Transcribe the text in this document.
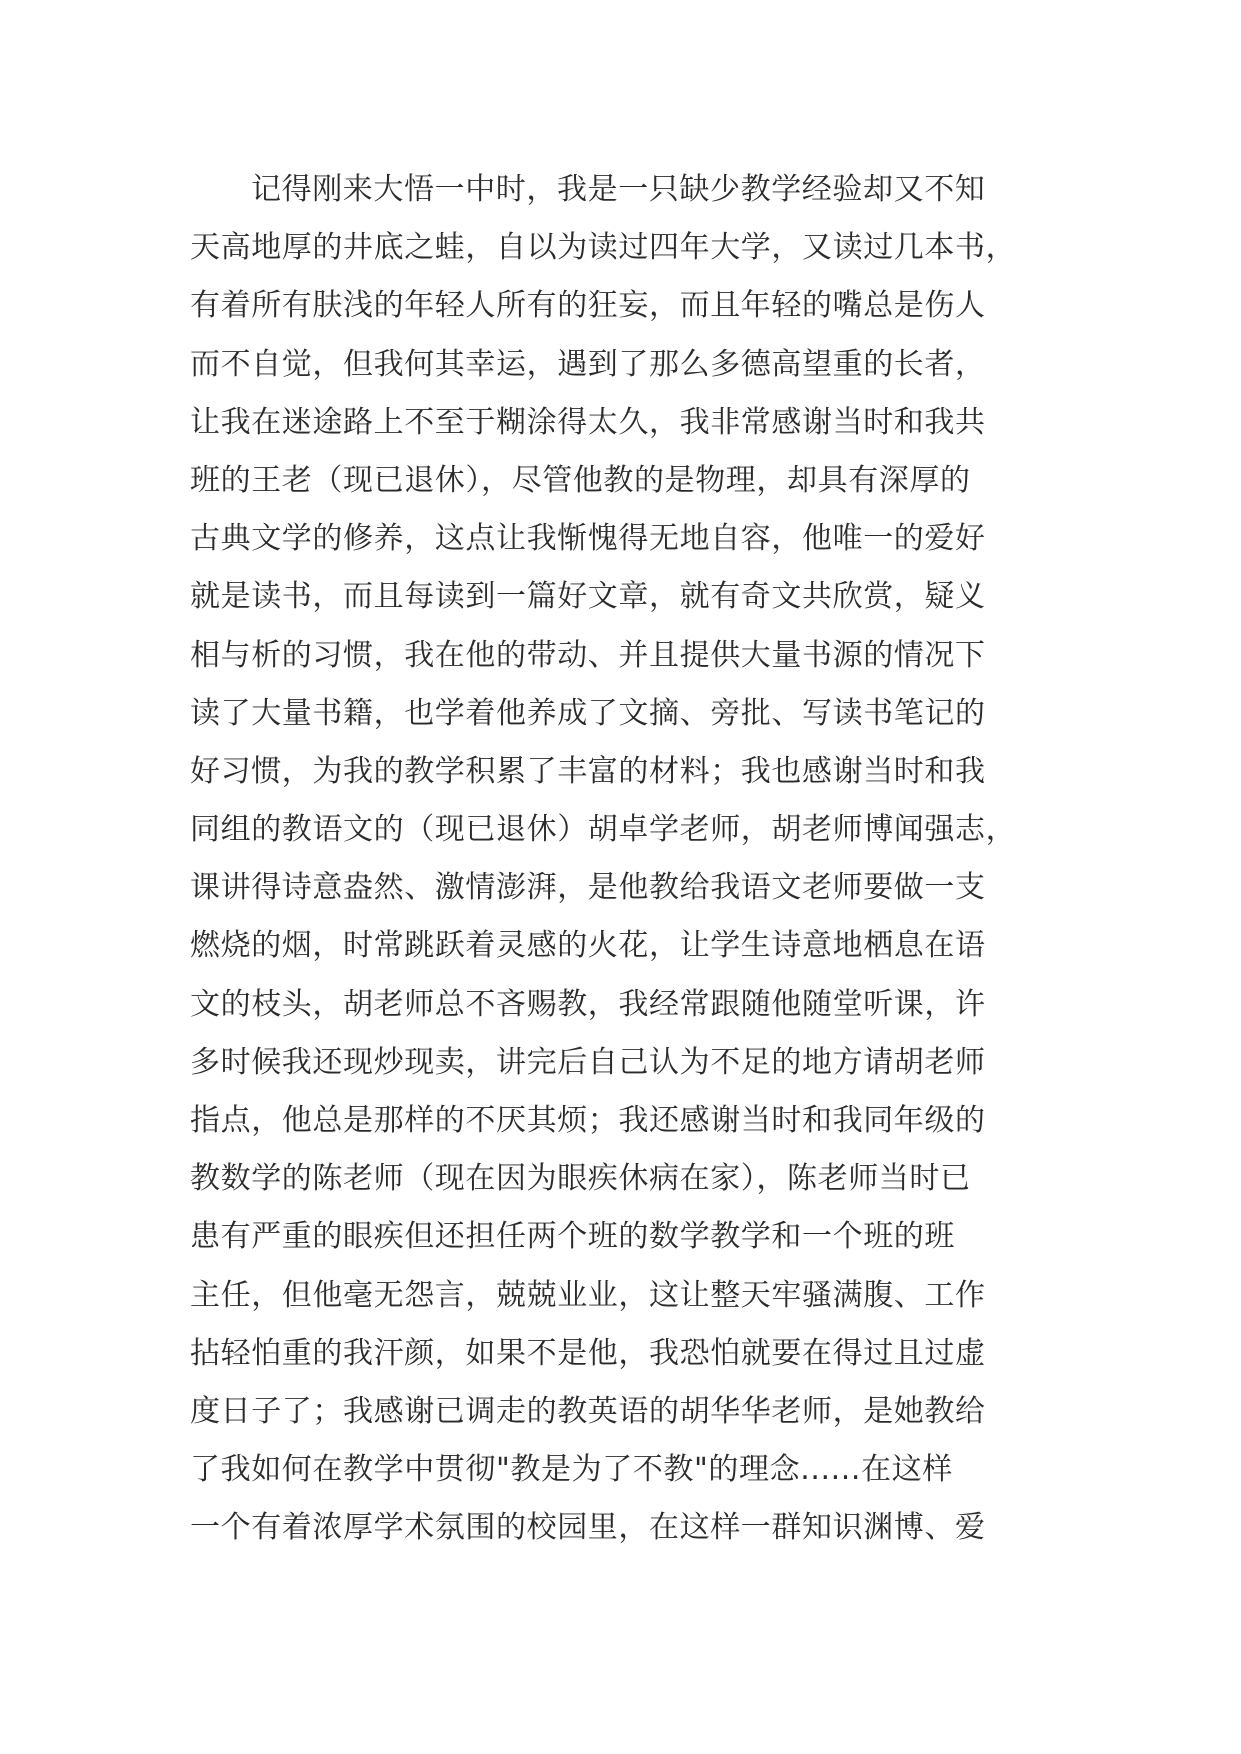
记得刚来大悟一中时，我是一只缺少教学经验却又不知
天高地厚的井底之蛙，自以为读过四年大学，又读过几本书，
有着所有肤浅的年轻人所有的狂妄，而且年轻的嘴总是伤人
而不自觉，但我何其幸运，遇到了那么多德高望重的长者，
让我在迷途路上不至于糊涂得太久，我非常感谢当时和我共
班的王老（现已退休），尽管他教的是物理，却具有深厚的
古典文学的修养，这点让我惭愧得无地自容，他唯一的爱好
就是读书，而且每读到一篇好文章，就有奇文共欣赏，疑义
相与析的习惯，我在他的带动、并且提供大量书源的情况下
读了大量书籍，也学着他养成了文摘、旁批、写读书笔记的
好习惯，为我的教学积累了丰富的材料；我也感谢当时和我
同组的教语文的（现已退休）胡卓学老师，胡老师博闻强志，
课讲得诗意盎然、激情澎湃，是他教给我语文老师要做一支
燃烧的烟，时常跳跃着灵感的火花，让学生诗意地栖息在语
文的枝头，胡老师总不吝赐教，我经常跟随他随堂听课，许
多时候我还现炒现卖，讲完后自己认为不足的地方请胡老师
指点，他总是那样的不厌其烦；我还感谢当时和我同年级的
教数学的陈老师（现在因为眼疾休病在家），陈老师当时已
患有严重的眼疾但还担任两个班的数学教学和一个班的班
主任，但他毫无怨言，兢兢业业，这让整天牢骚满腹、工作
拈轻怕重的我汗颜，如果不是他，我恐怕就要在得过且过虚
度日子了；我感谢已调走的教英语的胡华华老师，是她教给
了我如何在教学中贯彻"教是为了不教"的理念......在这样
一个有着浓厚学术氛围的校园里，在这样一群知识渊博、爱
